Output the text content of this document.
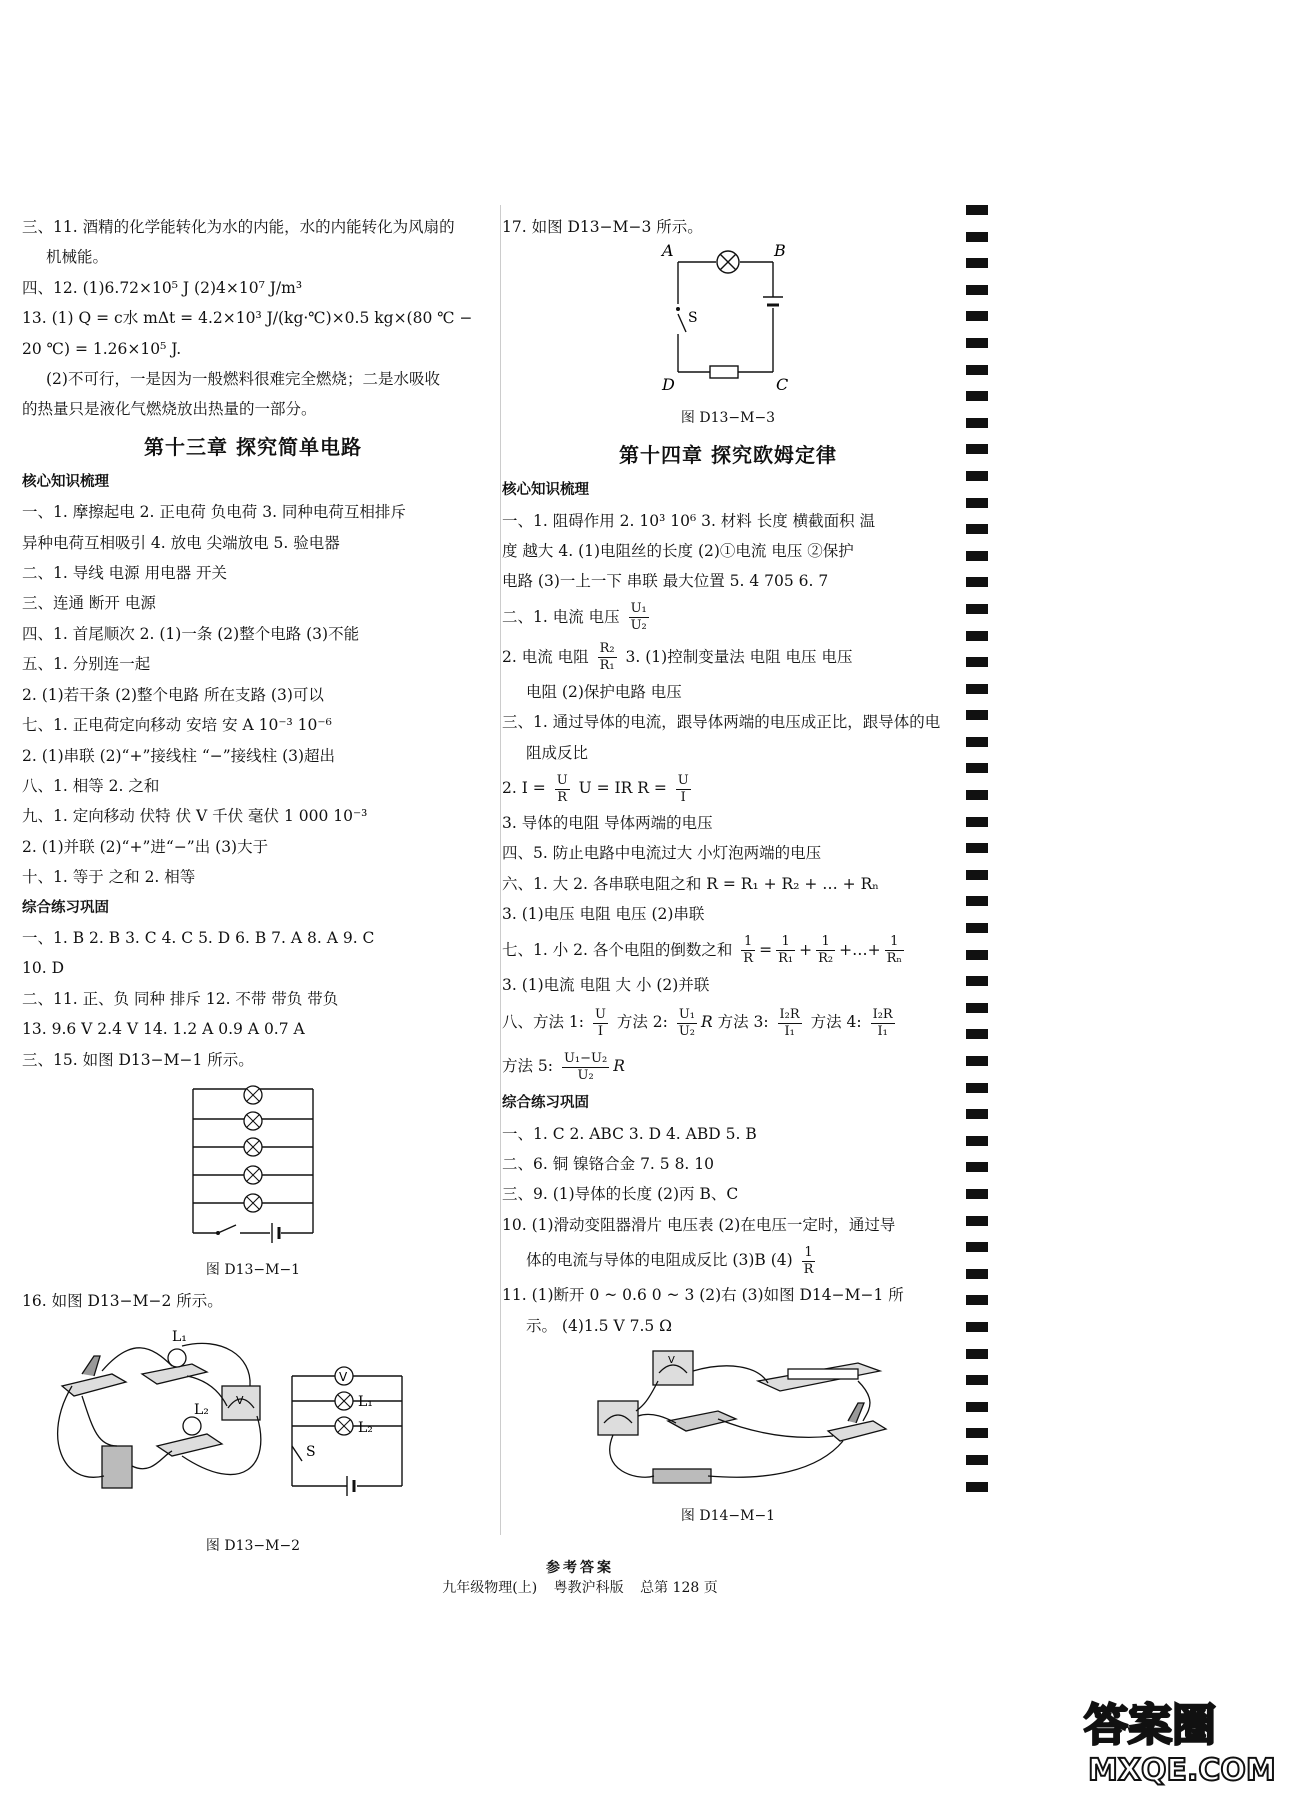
三、11. 酒精的化学能转化为水的内能，水的内能转化为风扇的
机械能。
四、12. (1)6.72×10⁵ J (2)4×10⁷ J/m³
13. (1) Q = c水 mΔt = 4.2×10³ J/(kg·℃)×0.5 kg×(80 ℃ −
20 ℃) = 1.26×10⁵ J.
(2)不可行，一是因为一般燃料很难完全燃烧；二是水吸收
的热量只是液化气燃烧放出热量的一部分。
第十三章 探究简单电路
核心知识梳理
一、1. 摩擦起电 2. 正电荷 负电荷 3. 同种电荷互相排斥
异种电荷互相吸引 4. 放电 尖端放电 5. 验电器
二、1. 导线 电源 用电器 开关
三、连通 断开 电源
四、1. 首尾顺次 2. (1)一条 (2)整个电路 (3)不能
五、1. 分别连一起
2. (1)若干条 (2)整个电路 所在支路 (3)可以
七、1. 正电荷定向移动 安培 安 A 10⁻³ 10⁻⁶
2. (1)串联 (2)“+”接线柱 “−”接线柱 (3)超出
八、1. 相等 2. 之和
九、1. 定向移动 伏特 伏 V 千伏 毫伏 1 000 10⁻³
2. (1)并联 (2)“+”进“−”出 (3)大于
十、1. 等于 之和 2. 相等
综合练习巩固
一、1. B 2. B 3. C 4. C 5. D 6. B 7. A 8. A 9. C
10. D
二、11. 正、负 同种 排斥 12. 不带 带负 带负
13. 9.6 V 2.4 V 14. 1.2 A 0.9 A 0.7 A
三、15. 如图 D13−M−1 所示。
图 D13−M−1
16. 如图 D13−M−2 所示。
L₁
L₂
V
V
L₁
L₂
S
图 D13−M−2
17. 如图 D13−M−3 所示。
A	B
C
D
S
图 D13−M−3
第十四章 探究欧姆定律
核心知识梳理
一、1. 阻碍作用 2. 10³ 10⁶ 3. 材料 长度 横截面积 温
度 越大 4. (1)电阻丝的长度 (2)①电流 电压 ②保护
电路 (3)一上一下 串联 最大位置 5. 4 705 6. 7
二、1. 电流 电压 $\frac{\text{U₁}}{\text{U₂}}$
2. 电流 电阻 $\frac{\text{R₂}}{\text{R₁}} 3$. (1)控制变量法 电阻 电压 电压
电阻 (2)保护电路 电压
三、1. 通过导体的电流，跟导体两端的电压成正比，跟导体的电
阻成反比
2. $I = \frac{U}{R}$ U = IR $R = \frac{U}{I}$
3. 导体的电阻 导体两端的电压
四、5. 防止电路中电流过大 小灯泡两端的电压
六、1. 大 2. 各串联电阻之和 R = R₁ + R₂ + … + Rₙ
3. (1)电压 电阻 电压 (2)串联
七、1. 小 2. 各个电阻的倒数之和 $\frac{1}{R} = \frac{1}{\text{R₁}} + \frac{1}{\text{R₂}}$ +…+ $\frac{1}{\text{Rₙ}}$
3. (1)电流 电阻 大 小 (2)并联
八、方法 1: $\frac{U}{I}$ 方法 2: $\frac{\text{U₁}}{\text{U₂}}$ R 方法 3: $\frac{\text{I₂R}}{\text{I₁}}$ 方法 4: $\frac{\text{I₂R}}{\text{I₁}}$
方法 5: $\frac{\text{U₁−U₂}}{\text{U₂}}$ R
综合练习巩固
一、1. C 2. ABC 3. D 4. ABD 5. B
二、6. 铜 镍铬合金 7. 5 8. 10
三、9. (1)导体的长度 (2)丙 B、C
10. (1)滑动变阻器滑片 电压表 (2)在电压一定时，通过导
体的电流与导体的电阻成反比 (3)B $(4) \frac{1}{R}$
11. (1)断开 0 ~ 0.6 0 ~ 3 (2)右 (3)如图 D14−M−1 所
示。 (4)1.5 V 7.5 Ω
V
图 D14−M−1
参考答案
九年级物理(上) 粤教沪科版 总第 128 页
答案圈
MXQE.COM
